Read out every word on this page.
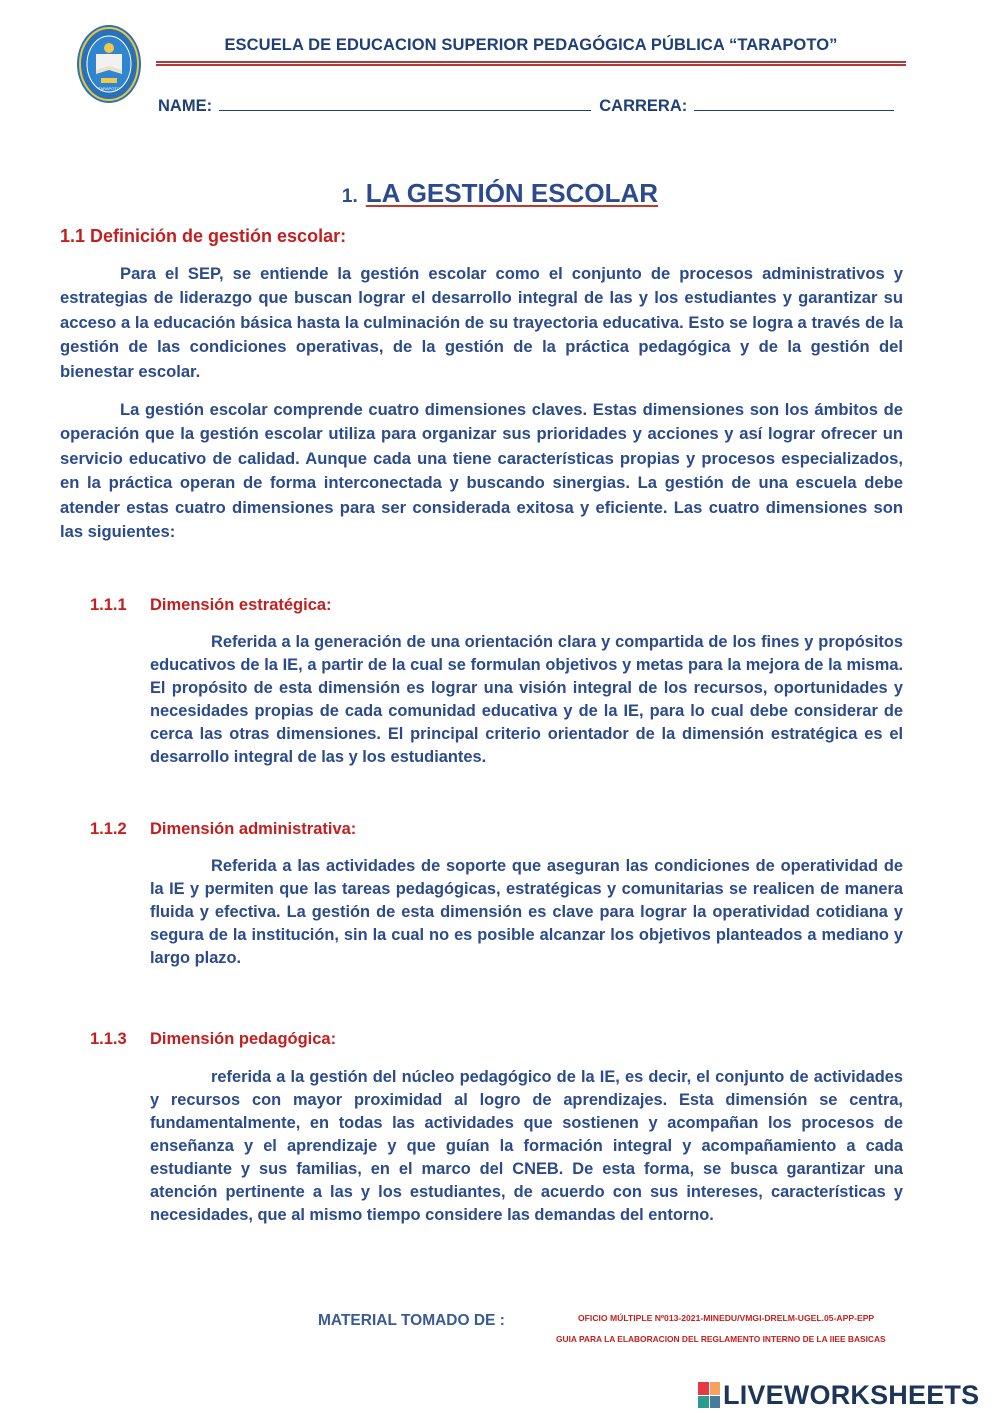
TARAPOTO
ESCUELA DE EDUCACION SUPERIOR PEDAGÓGICA PÚBLICA “TARAPOTO”
NAME:	CARRERA:
1. LA GESTIÓN ESCOLAR
1.1 Definición de gestión escolar:

Para el SEP, se entiende la gestión escolar como el conjunto de procesos administrativos y estrategias de liderazgo que buscan lograr el desarrollo integral de las y los estudiantes y garantizar su acceso a la educación básica hasta la culminación de su trayectoria educativa. Esto se logra a través de la gestión de las condiciones operativas, de la gestión de la práctica pedagógica y de la gestión del bienestar escolar.

La gestión escolar comprende cuatro dimensiones claves. Estas dimensiones son los ámbitos de operación que la gestión escolar utiliza para organizar sus prioridades y acciones y así lograr ofrecer un servicio educativo de calidad. Aunque cada una tiene características propias y procesos especializados, en la práctica operan de forma interconectada y buscando sinergias. La gestión de una escuela debe atender estas cuatro dimensiones para ser considerada exitosa y eficiente. Las cuatro dimensiones son las siguientes:

1.1.1 Dimensión estratégica:

Referida a la generación de una orientación clara y compartida de los fines y propósitos educativos de la IE, a partir de la cual se formulan objetivos y metas para la mejora de la misma. El propósito de esta dimensión es lograr una visión integral de los recursos, oportunidades y necesidades propias de cada comunidad educativa y de la IE, para lo cual debe considerar de cerca las otras dimensiones. El principal criterio orientador de la dimensión estratégica es el desarrollo integral de las y los estudiantes.

1.1.2 Dimensión administrativa:

Referida a las actividades de soporte que aseguran las condiciones de operatividad de la IE y permiten que las tareas pedagógicas, estratégicas y comunitarias se realicen de manera fluida y efectiva. La gestión de esta dimensión es clave para lograr la operatividad cotidiana y segura de la institución, sin la cual no es posible alcanzar los objetivos planteados a mediano y largo plazo.

1.1.3 Dimensión pedagógica:

referida a la gestión del núcleo pedagógico de la IE, es decir, el conjunto de actividades y recursos con mayor proximidad al logro de aprendizajes. Esta dimensión se centra, fundamentalmente, en todas las actividades que sostienen y acompañan los procesos de enseñanza y el aprendizaje y que guían la formación integral y acompañamiento a cada estudiante y sus familias, en el marco del CNEB. De esta forma, se busca garantizar una atención pertinente a las y los estudiantes, de acuerdo con sus intereses, características y necesidades, que al mismo tiempo considere las demandas del entorno.

MATERIAL TOMADO DE :	OFICIO MÚLTIPLE Nº013-2021-MINEDU/VMGI-DRELM-UGEL.05-APP-EPP
GUIA PARA LA ELABORACION DEL REGLAMENTO INTERNO DE LA IIEE BASICAS
LIVEWORKSHEETS
